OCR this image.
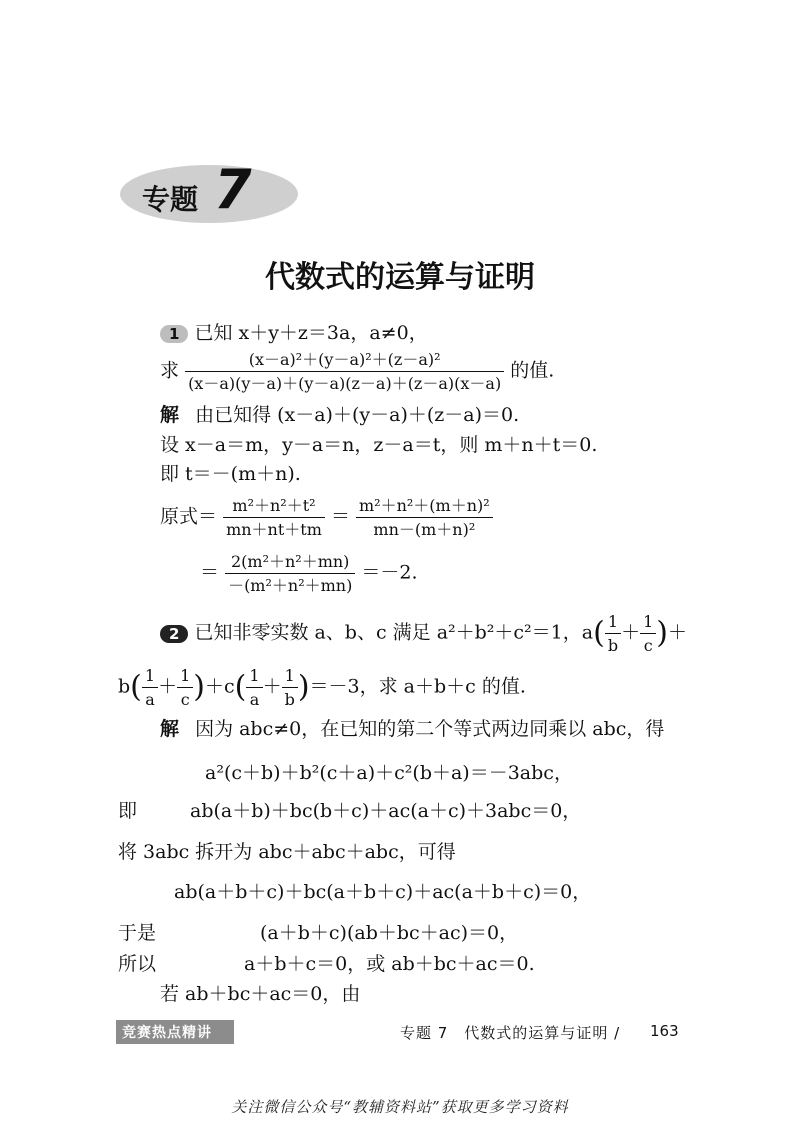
专题 7
代数式的运算与证明
1 已知 x＋y＋z＝3a，a≠0，
求 $\frac{\text{(x－a)²＋(y－a)²＋(z－a)²}}{(x-a)(y-a)+(y-a)(z-a)+(z-a)(x-a)}$ 的值.
解 由已知得 (x－a)＋(y－a)＋(z－a)＝0.
设 x－a＝m，y－a＝n，z－a＝t，则 m＋n＋t＝0.
即 t＝－(m＋n).
原式＝ $\frac{\text{m²＋n²＋t²}}{mn+nt+tm} = \frac{\text{m²＋n²＋(m＋n)²}}{\text{mn－(m＋n)²}}$
＝ $\frac{\text{2(m²＋n²＋mn)}}{\text{－(m²＋n²＋mn)}} =-2$.
2 已知非零实数 a、b、c 满足 a²＋b²＋c²＝1，$a( \frac{1}{b} + \frac{1}{c}$ )＋
$b( \frac{1}{a} + \frac{1}{c} )+c( \frac{1}{a} + \frac{1}{b} )=-3$，求 a＋b＋c 的值.
解 因为 abc≠0，在已知的第二个等式两边同乘以 abc，得
a²(c＋b)＋b²(c＋a)＋c²(b＋a)＝－3abc，
即	ab(a＋b)＋bc(b＋c)＋ac(a＋c)＋3abc＝0，
将 3abc 拆开为 abc＋abc＋abc，可得
ab(a＋b＋c)＋bc(a＋b＋c)＋ac(a＋b＋c)＝0，
于是	(a＋b＋c)(ab＋bc＋ac)＝0，
所以	a＋b＋c＝0，或 ab＋bc＋ac＝0.
若 ab＋bc＋ac＝0，由
竞赛热点精讲	专题 7　代数式的运算与证明 / 163
关注微信公众号“教辅资料站”获取更多学习资料
